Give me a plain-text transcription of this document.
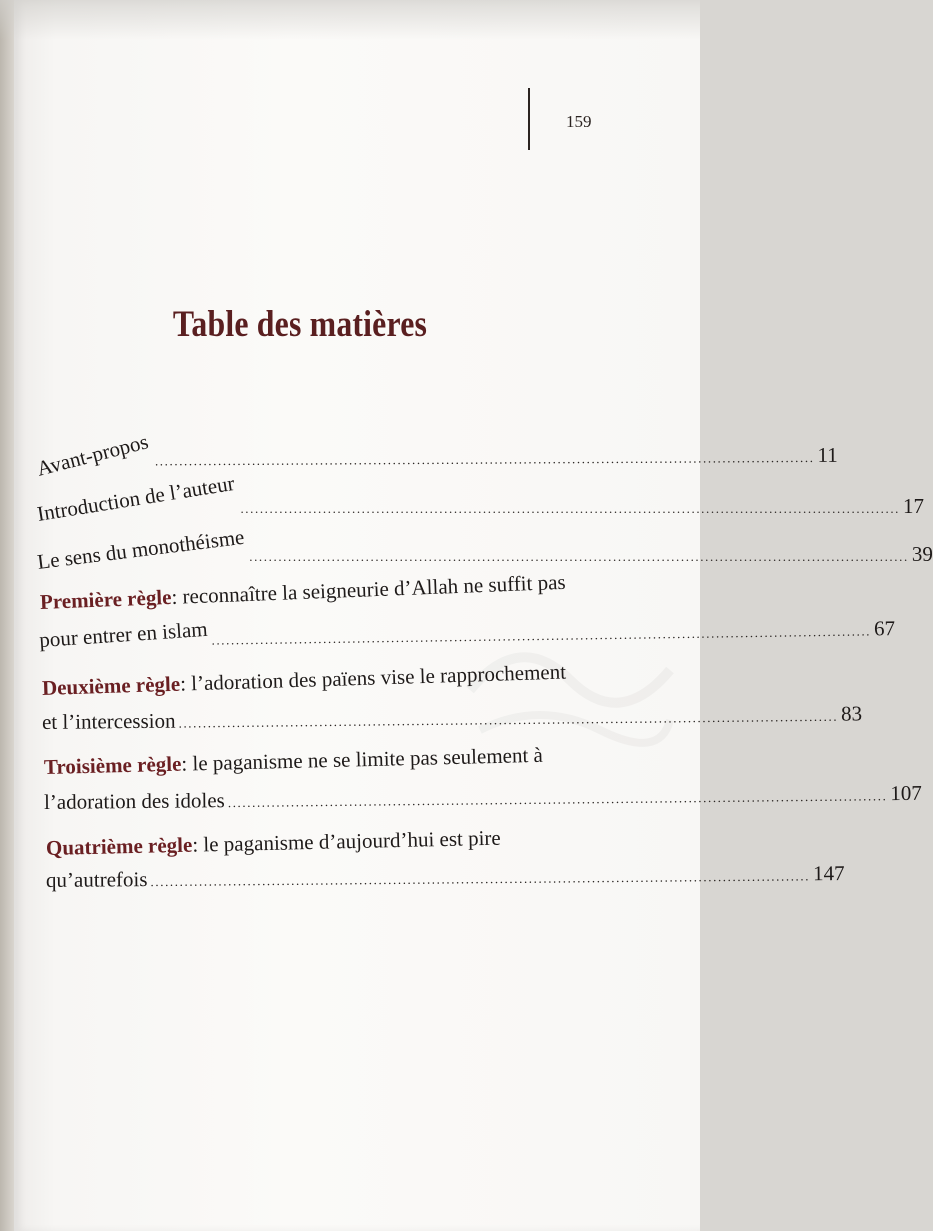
159
Table des matières
Avant-propos ........................................................................................................................................ 11
Introduction de l’auteur ........................................................................................................................................ 17
Le sens du monothéisme ........................................................................................................................................ 39
Première règle: reconnaître la seigneurie d’Allah ne suffit pas
pour entrer en islam ........................................................................................................................................ 67
Deuxième règle: l’adoration des païens vise le rapprochement
et l’intercession ........................................................................................................................................ 83
Troisième règle: le paganisme ne se limite pas seulement à
l’adoration des idoles ........................................................................................................................................ 107
Quatrième règle: le paganisme d’aujourd’hui est pire
qu’autrefois ........................................................................................................................................ 147
